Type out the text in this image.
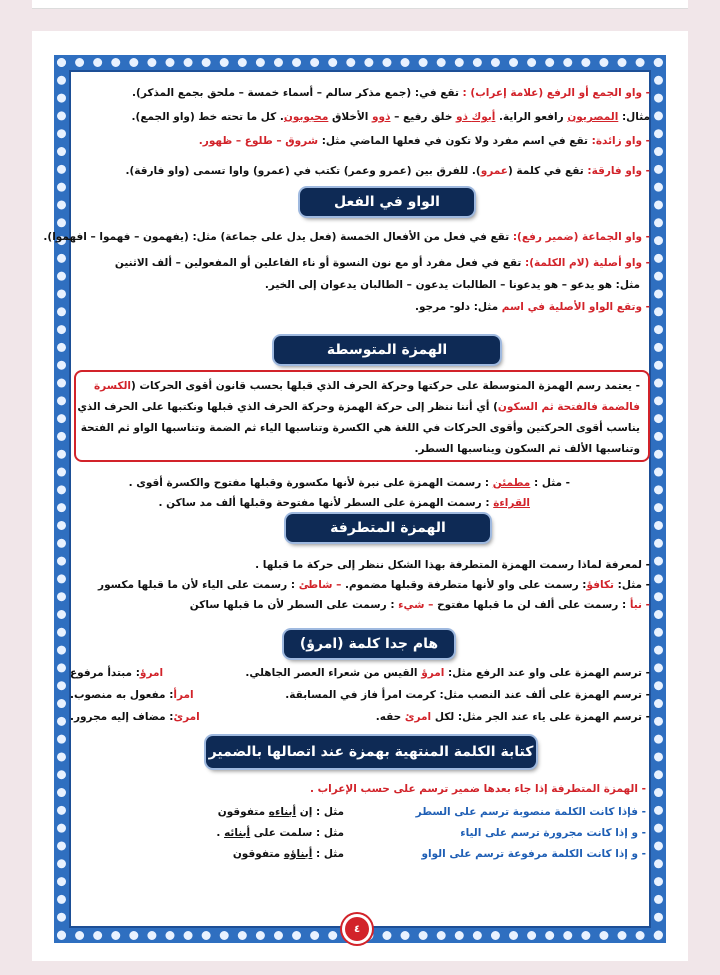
- واو الجمع أو الرفع (علامة إعراب) : تقع في: (جمع مذكر سالم – أسماء خمسة – ملحق بجمع المذكر).
مثال: المصريون رافعو الراية. أبوك ذو خلق رفيع – ذوو الأخلاق محبوبون. كل ما تحته خط (واو الجمع).
- واو زائدة: تقع في اسم مفرد ولا تكون في فعلها الماضي مثل: شروق – طلوع – ظهور.
- واو فارقة: تقع في كلمة (عمرو). للفرق بين (عمرو وعمر) تكتب في (عمرو) واوا تسمى (واو فارقة).
الواو في الفعل
- واو الجماعة (ضمير رفع): تقع في فعل من الأفعال الخمسة (فعل يدل على جماعة) مثل: (يفهمون – فهموا – افهموا).
- واو أصلية (لام الكلمة): تقع في فعل مفرد أو مع نون النسوة أو ناء الفاعلين أو المفعولين – ألف الاثنين
مثل: هو يدعو – هو يدعونا – الطالبات يدعون – الطالبان يدعوان إلى الخير.
- وتقع الواو الأصلية في اسم مثل: دلو- مرجو.
الهمزة المتوسطة

- يعتمد رسم الهمزة المتوسطة على حركتها وحركة الحرف الذي قبلها بحسب قانون أقوى الحركات (الكسرة

فالضمة فالفتحة ثم السكون) أي أننا ننظر إلى حركة الهمزة وحركة الحرف الذي قبلها ونكتبها على الحرف الذي

يناسب أقوى الحركتين وأقوى الحركات في اللغة هي الكسرة وتناسبها الياء ثم الضمة وتناسبها الواو ثم الفتحة

وتناسبها الألف ثم السكون ويناسبها السطر.

- مثل : مطمئن : رسمت الهمزة على نبرة لأنها مكسورة وقبلها مفتوح والكسرة أقوى .
القراءة : رسمت الهمزة على السطر لأنها مفتوحة وقبلها ألف مد ساكن .
الهمزة المتطرفة
- لمعرفة لماذا رسمت الهمزة المتطرفة بهذا الشكل ننظر إلى حركة ما قبلها .
- مثل: تكافؤ: رسمت على واو لأنها متطرفة وقبلها مضموم. – شاطئ : رسمت على الياء لأن ما قبلها مكسور
- نبأ : رسمت على ألف لن ما قبلها مفتوح – شيء : رسمت على السطر لأن ما قبلها ساكن
هام جدا كلمة (امرؤ)
- ترسم الهمزة على واو عند الرفع مثل: امرؤ القيس من شعراء العصر الجاهلي.
امرؤ: مبتدأ مرفوع
- ترسم الهمزة على ألف عند النصب مثل: كرمت امرأ فاز في المسابقة.
امرأ: مفعول به منصوب.
- ترسم الهمزة على ياء عند الجر مثل: لكل امرئ حقه.
امرئ: مضاف إليه مجرور.
كتابة الكلمة المنتهية بهمزة عند اتصالها بالضمير
- الهمزة المتطرفة إذا جاء بعدها ضمير ترسم على حسب الإعراب .
- فإذا كانت الكلمة منصوبة ترسم على السطر
- و إذا كانت مجرورة ترسم على الياء
- و إذا كانت الكلمة مرفوعة ترسم على الواو
مثل : إن أبناءه متفوقون
مثل : سلمت على أبنائه .
مثل : أبناؤه متفوقون
٤
